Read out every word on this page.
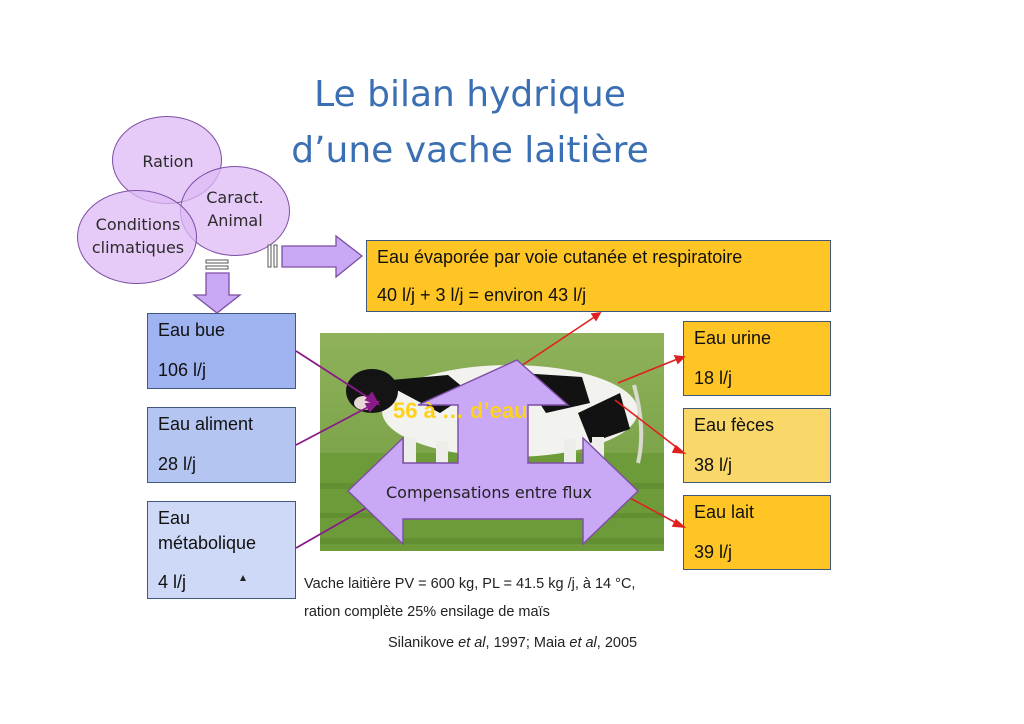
Le bilan hydrique
d’une vache laitière
Ration
Caract.
Animal
Conditions
climatiques
Eau bue
106 l/j
Eau aliment
28 l/j
Eau
métabolique
4 l/j
Eau évaporée par voie cutanée et respiratoire
40 l/j + 3 l/j = environ 43 l/j
Eau urine
18 l/j
Eau fèces
38 l/j
Eau lait
39 l/j
56 à … d’eau
Compensations entre flux
Vache laitière PV = 600 kg, PL = 41.5 kg /j, à 14 °C,
ration complète 25% ensilage de maïs
Silanikove et al, 1997; Maia et al, 2005
